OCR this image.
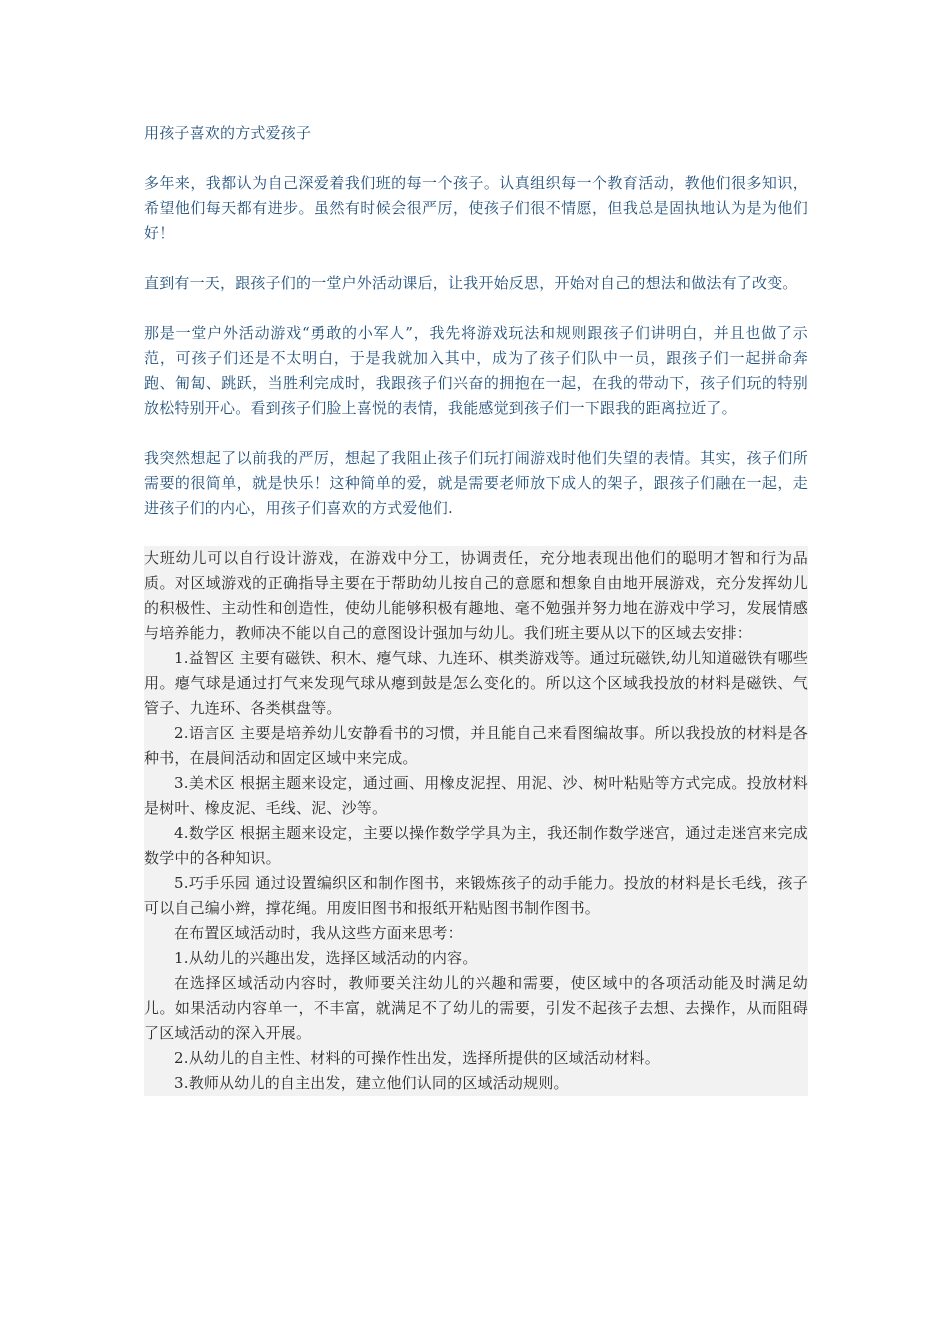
用孩子喜欢的方式爱孩子

多年来，我都认为自己深爱着我们班的每一个孩子。认真组织每一个教育活动，教他们很多知识，希望他们每天都有进步。虽然有时候会很严厉，使孩子们很不情愿，但我总是固执地认为是为他们好！

直到有一天，跟孩子们的一堂户外活动课后，让我开始反思，开始对自己的想法和做法有了改变。

那是一堂户外活动游戏“勇敢的小军人”，我先将游戏玩法和规则跟孩子们讲明白，并且也做了示范，可孩子们还是不太明白，于是我就加入其中，成为了孩子们队中一员，跟孩子们一起拼命奔跑、匍匐、跳跃，当胜利完成时，我跟孩子们兴奋的拥抱在一起，在我的带动下，孩子们玩的特别放松特别开心。看到孩子们脸上喜悦的表情，我能感觉到孩子们一下跟我的距离拉近了。

我突然想起了以前我的严厉，想起了我阻止孩子们玩打闹游戏时他们失望的表情。其实，孩子们所需要的很简单，就是快乐！这种简单的爱，就是需要老师放下成人的架子，跟孩子们融在一起，走进孩子们的内心，用孩子们喜欢的方式爱他们.

大班幼儿可以自行设计游戏，在游戏中分工，协调责任，充分地表现出他们的聪明才智和行为品质。对区域游戏的正确指导主要在于帮助幼儿按自己的意愿和想象自由地开展游戏，充分发挥幼儿的积极性、主动性和创造性，使幼儿能够积极有趣地、毫不勉强并努力地在游戏中学习，发展情感与培养能力，教师决不能以自己的意图设计强加与幼儿。我们班主要从以下的区域去安排：

1.益智区 主要有磁铁、积木、瘪气球、九连环、棋类游戏等。通过玩磁铁,幼儿知道磁铁有哪些用。瘪气球是通过打气来发现气球从瘪到鼓是怎么变化的。所以这个区域我投放的材料是磁铁、气管子、九连环、各类棋盘等。

2.语言区 主要是培养幼儿安静看书的习惯，并且能自己来看图编故事。所以我投放的材料是各种书，在晨间活动和固定区域中来完成。

3.美术区 根据主题来设定，通过画、用橡皮泥捏、用泥、沙、树叶粘贴等方式完成。投放材料是树叶、橡皮泥、毛线、泥、沙等。

4.数学区 根据主题来设定，主要以操作数学学具为主，我还制作数学迷宫，通过走迷宫来完成数学中的各种知识。

5.巧手乐园 通过设置编织区和制作图书，来锻炼孩子的动手能力。投放的材料是长毛线，孩子可以自己编小辫，撑花绳。用废旧图书和报纸开粘贴图书制作图书。

在布置区域活动时，我从这些方面来思考：

1.从幼儿的兴趣出发，选择区域活动的内容。

在选择区域活动内容时，教师要关注幼儿的兴趣和需要，使区域中的各项活动能及时满足幼儿。如果活动内容单一，不丰富，就满足不了幼儿的需要，引发不起孩子去想、去操作，从而阻碍了区域活动的深入开展。

2.从幼儿的自主性、材料的可操作性出发，选择所提供的区域活动材料。

3.教师从幼儿的自主出发，建立他们认同的区域活动规则。
